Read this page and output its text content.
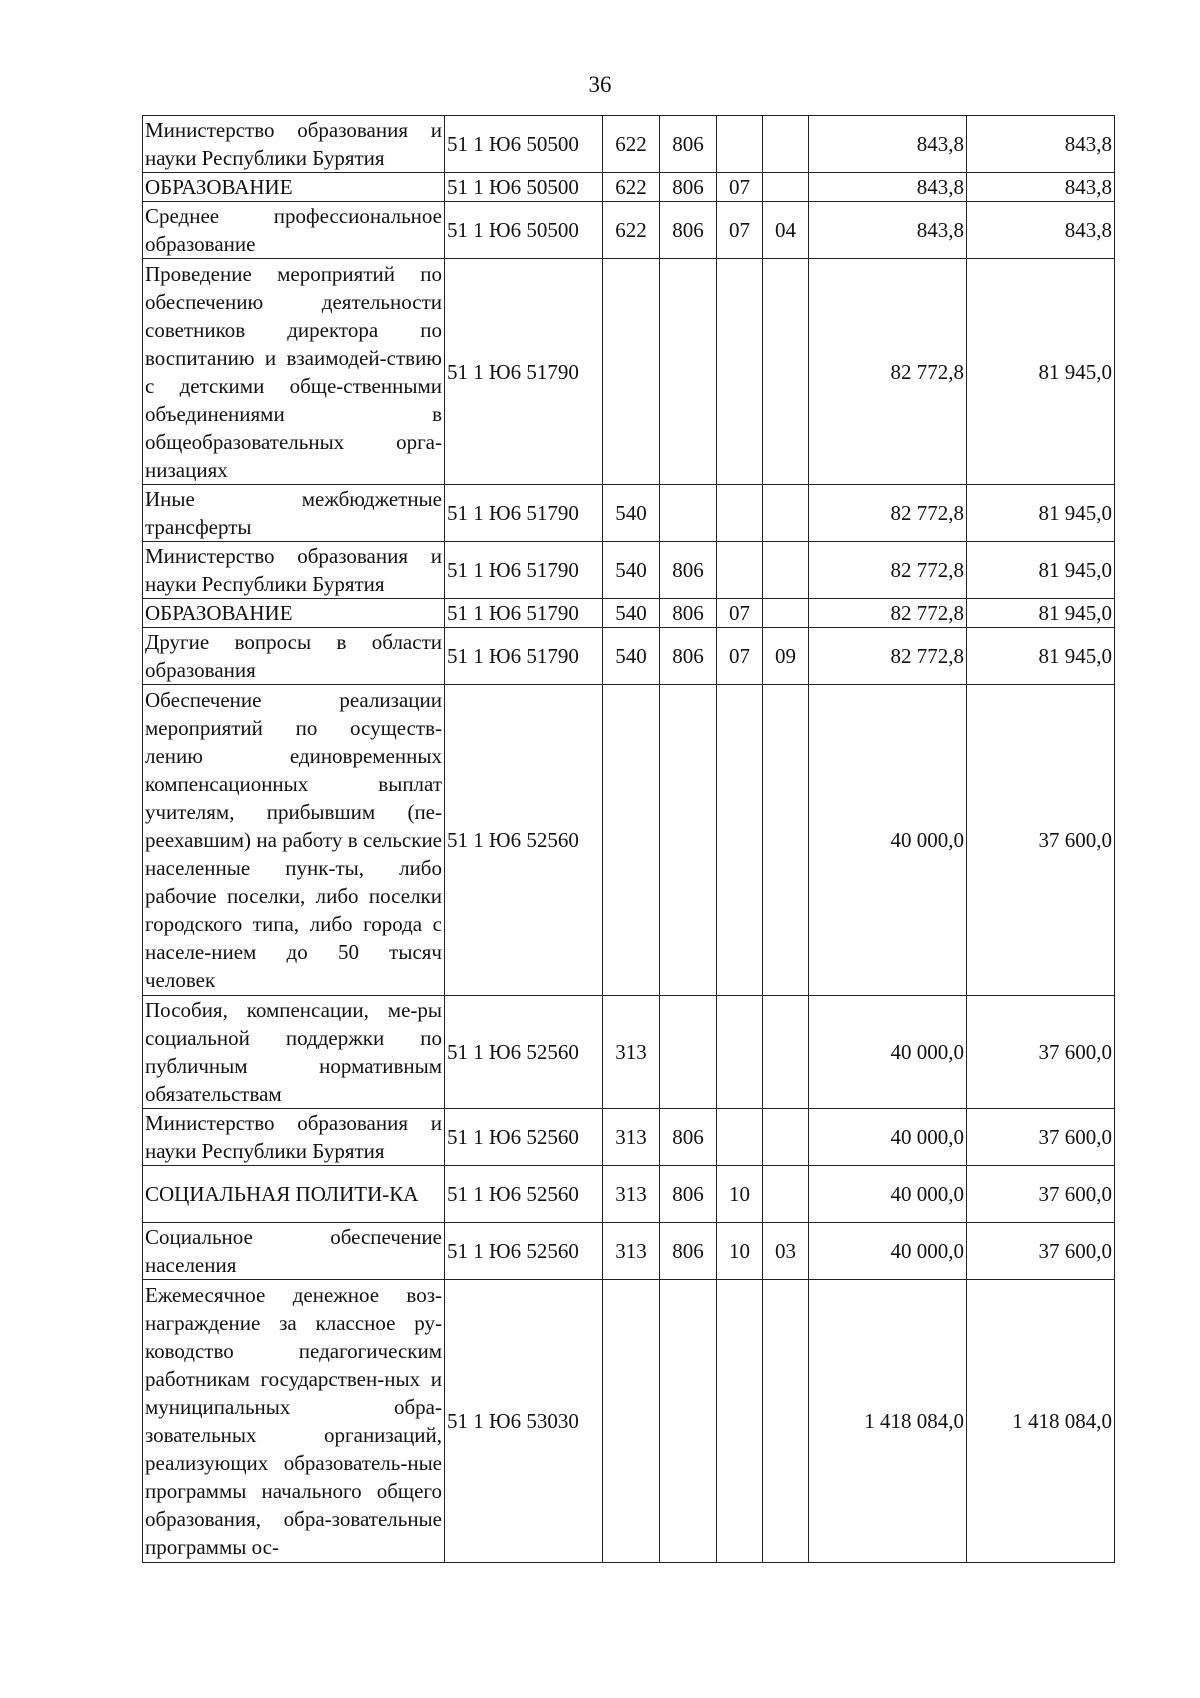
36
Министерство образования и науки Республики Бурятия	51 1 Ю6 50500	622	806			843,8	843,8
ОБРАЗОВАНИЕ	51 1 Ю6 50500	622	806	07		843,8	843,8
Среднее профессиональное образование	51 1 Ю6 50500	622	806	07	04	843,8	843,8
Проведение мероприятий по обеспечению деятельности советников директора по воспитанию и взаимодей-ствию с детскими обще-ственными объединениями в общеобразовательных орга-низациях	51 1 Ю6 51790					82 772,8	81 945,0
Иные межбюджетные трансферты	51 1 Ю6 51790	540				82 772,8	81 945,0
Министерство образования и науки Республики Бурятия	51 1 Ю6 51790	540	806			82 772,8	81 945,0
ОБРАЗОВАНИЕ	51 1 Ю6 51790	540	806	07		82 772,8	81 945,0
Другие вопросы в области образования	51 1 Ю6 51790	540	806	07	09	82 772,8	81 945,0
Обеспечение реализации мероприятий по осуществ-лению единовременных компенсационных выплат учителям, прибывшим (пе-реехавшим) на работу в сельские населенные пунк-ты, либо рабочие поселки, либо поселки городского типа, либо города с населе-нием до 50 тысяч человек	51 1 Ю6 52560					40 000,0	37 600,0
Пособия, компенсации, ме-ры социальной поддержки по публичным нормативным обязательствам	51 1 Ю6 52560	313				40 000,0	37 600,0
Министерство образования и науки Республики Бурятия	51 1 Ю6 52560	313	806			40 000,0	37 600,0
СОЦИАЛЬНАЯ ПОЛИТИ-КА	51 1 Ю6 52560	313	806	10		40 000,0	37 600,0
Социальное обеспечение населения	51 1 Ю6 52560	313	806	10	03	40 000,0	37 600,0
Ежемесячное денежное воз-награждение за классное ру-ководство педагогическим работникам государствен-ных и муниципальных обра-зовательных организаций, реализующих образователь-ные программы начального общего образования, обра-зовательные программы ос-	51 1 Ю6 53030					1 418 084,0	1 418 084,0
